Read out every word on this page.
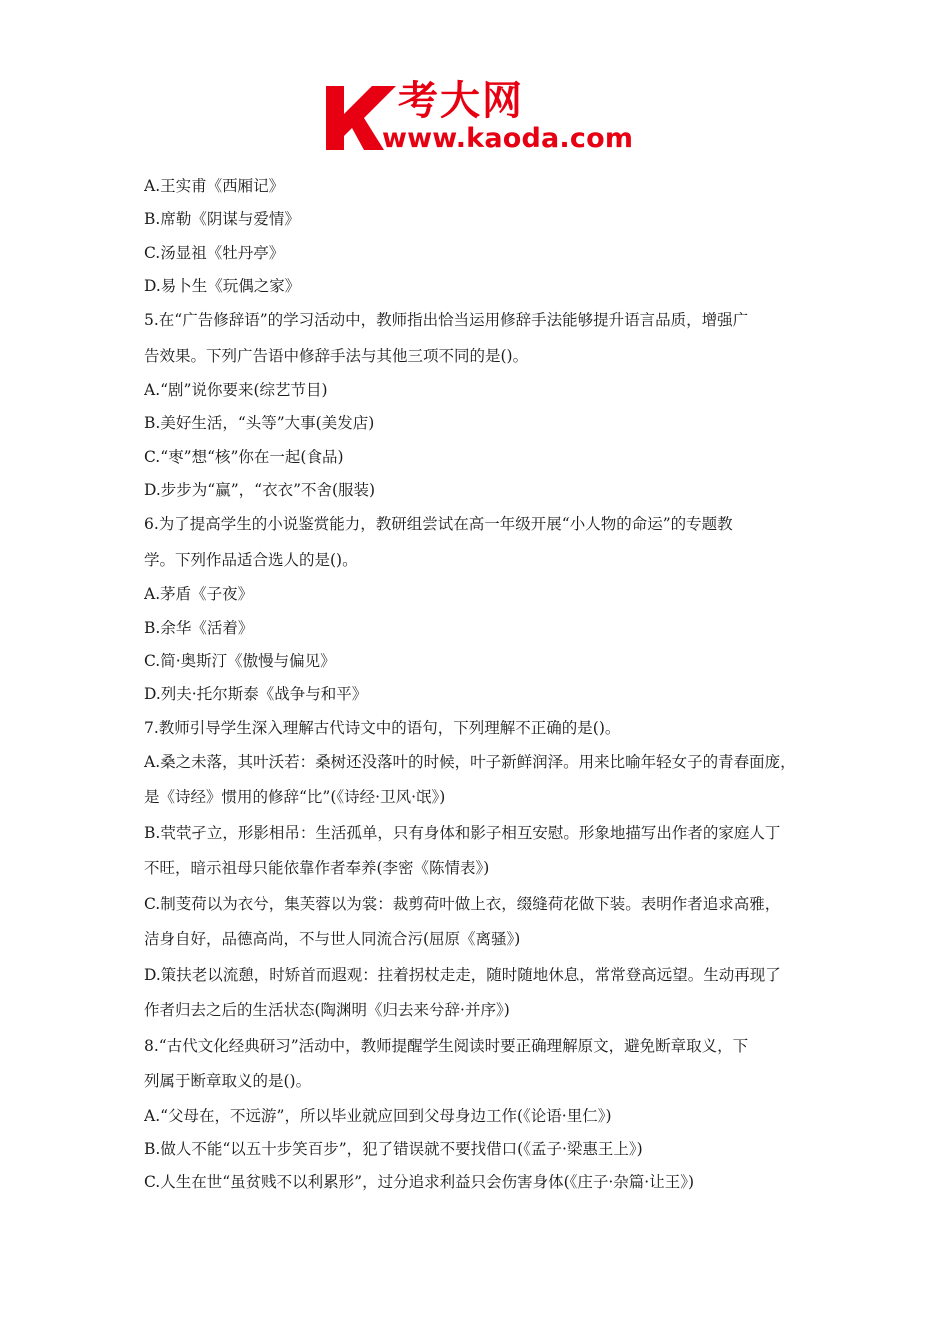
考大网
www.kaoda.com
A.王实甫《西厢记》
B.席勒《阴谋与爱情》
C.汤显祖《牡丹亭》
D.易卜生《玩偶之家》
5.在“广告修辞语”的学习活动中，教师指出恰当运用修辞手法能够提升语言品质，增强广
告效果。下列广告语中修辞手法与其他三项不同的是()。
A.“剧”说你要来(综艺节目)
B.美好生活，“头等”大事(美发店)
C.“枣”想“核”你在一起(食品)
D.步步为“赢”，“衣衣”不舍(服装)
6.为了提高学生的小说鉴赏能力，教研组尝试在高一年级开展“小人物的命运”的专题教
学。下列作品适合选人的是()。
A.茅盾《子夜》
B.余华《活着》
C.简·奥斯汀《傲慢与偏见》
D.列夫·托尔斯泰《战争与和平》
7.教师引导学生深入理解古代诗文中的语句，下列理解不正确的是()。
A.桑之未落，其叶沃若：桑树还没落叶的时候，叶子新鲜润泽。用来比喻年轻女子的青春面庞，
是《诗经》惯用的修辞“比”(《诗经·卫风·氓》)
B.茕茕孑立，形影相吊：生活孤单，只有身体和影子相互安慰。形象地描写出作者的家庭人丁
不旺，暗示祖母只能依靠作者奉养(李密《陈情表》)
C.制芰荷以为衣兮，集芙蓉以为裳：裁剪荷叶做上衣，缀缝荷花做下装。表明作者追求高雅，
洁身自好，品德高尚，不与世人同流合污(屈原《离骚》)
D.策扶老以流憩，时矫首而遐观：拄着拐杖走走，随时随地休息，常常登高远望。生动再现了
作者归去之后的生活状态(陶渊明《归去来兮辞·并序》)
8.“古代文化经典研习”活动中，教师提醒学生阅读时要正确理解原文，避免断章取义，下
列属于断章取义的是()。
A.“父母在，不远游”，所以毕业就应回到父母身边工作(《论语·里仁》)
B.做人不能“以五十步笑百步”，犯了错误就不要找借口(《孟子·梁惠王上》)
C.人生在世“虽贫贱不以利累形”，过分追求利益只会伤害身体(《庄子·杂篇·让王》)
